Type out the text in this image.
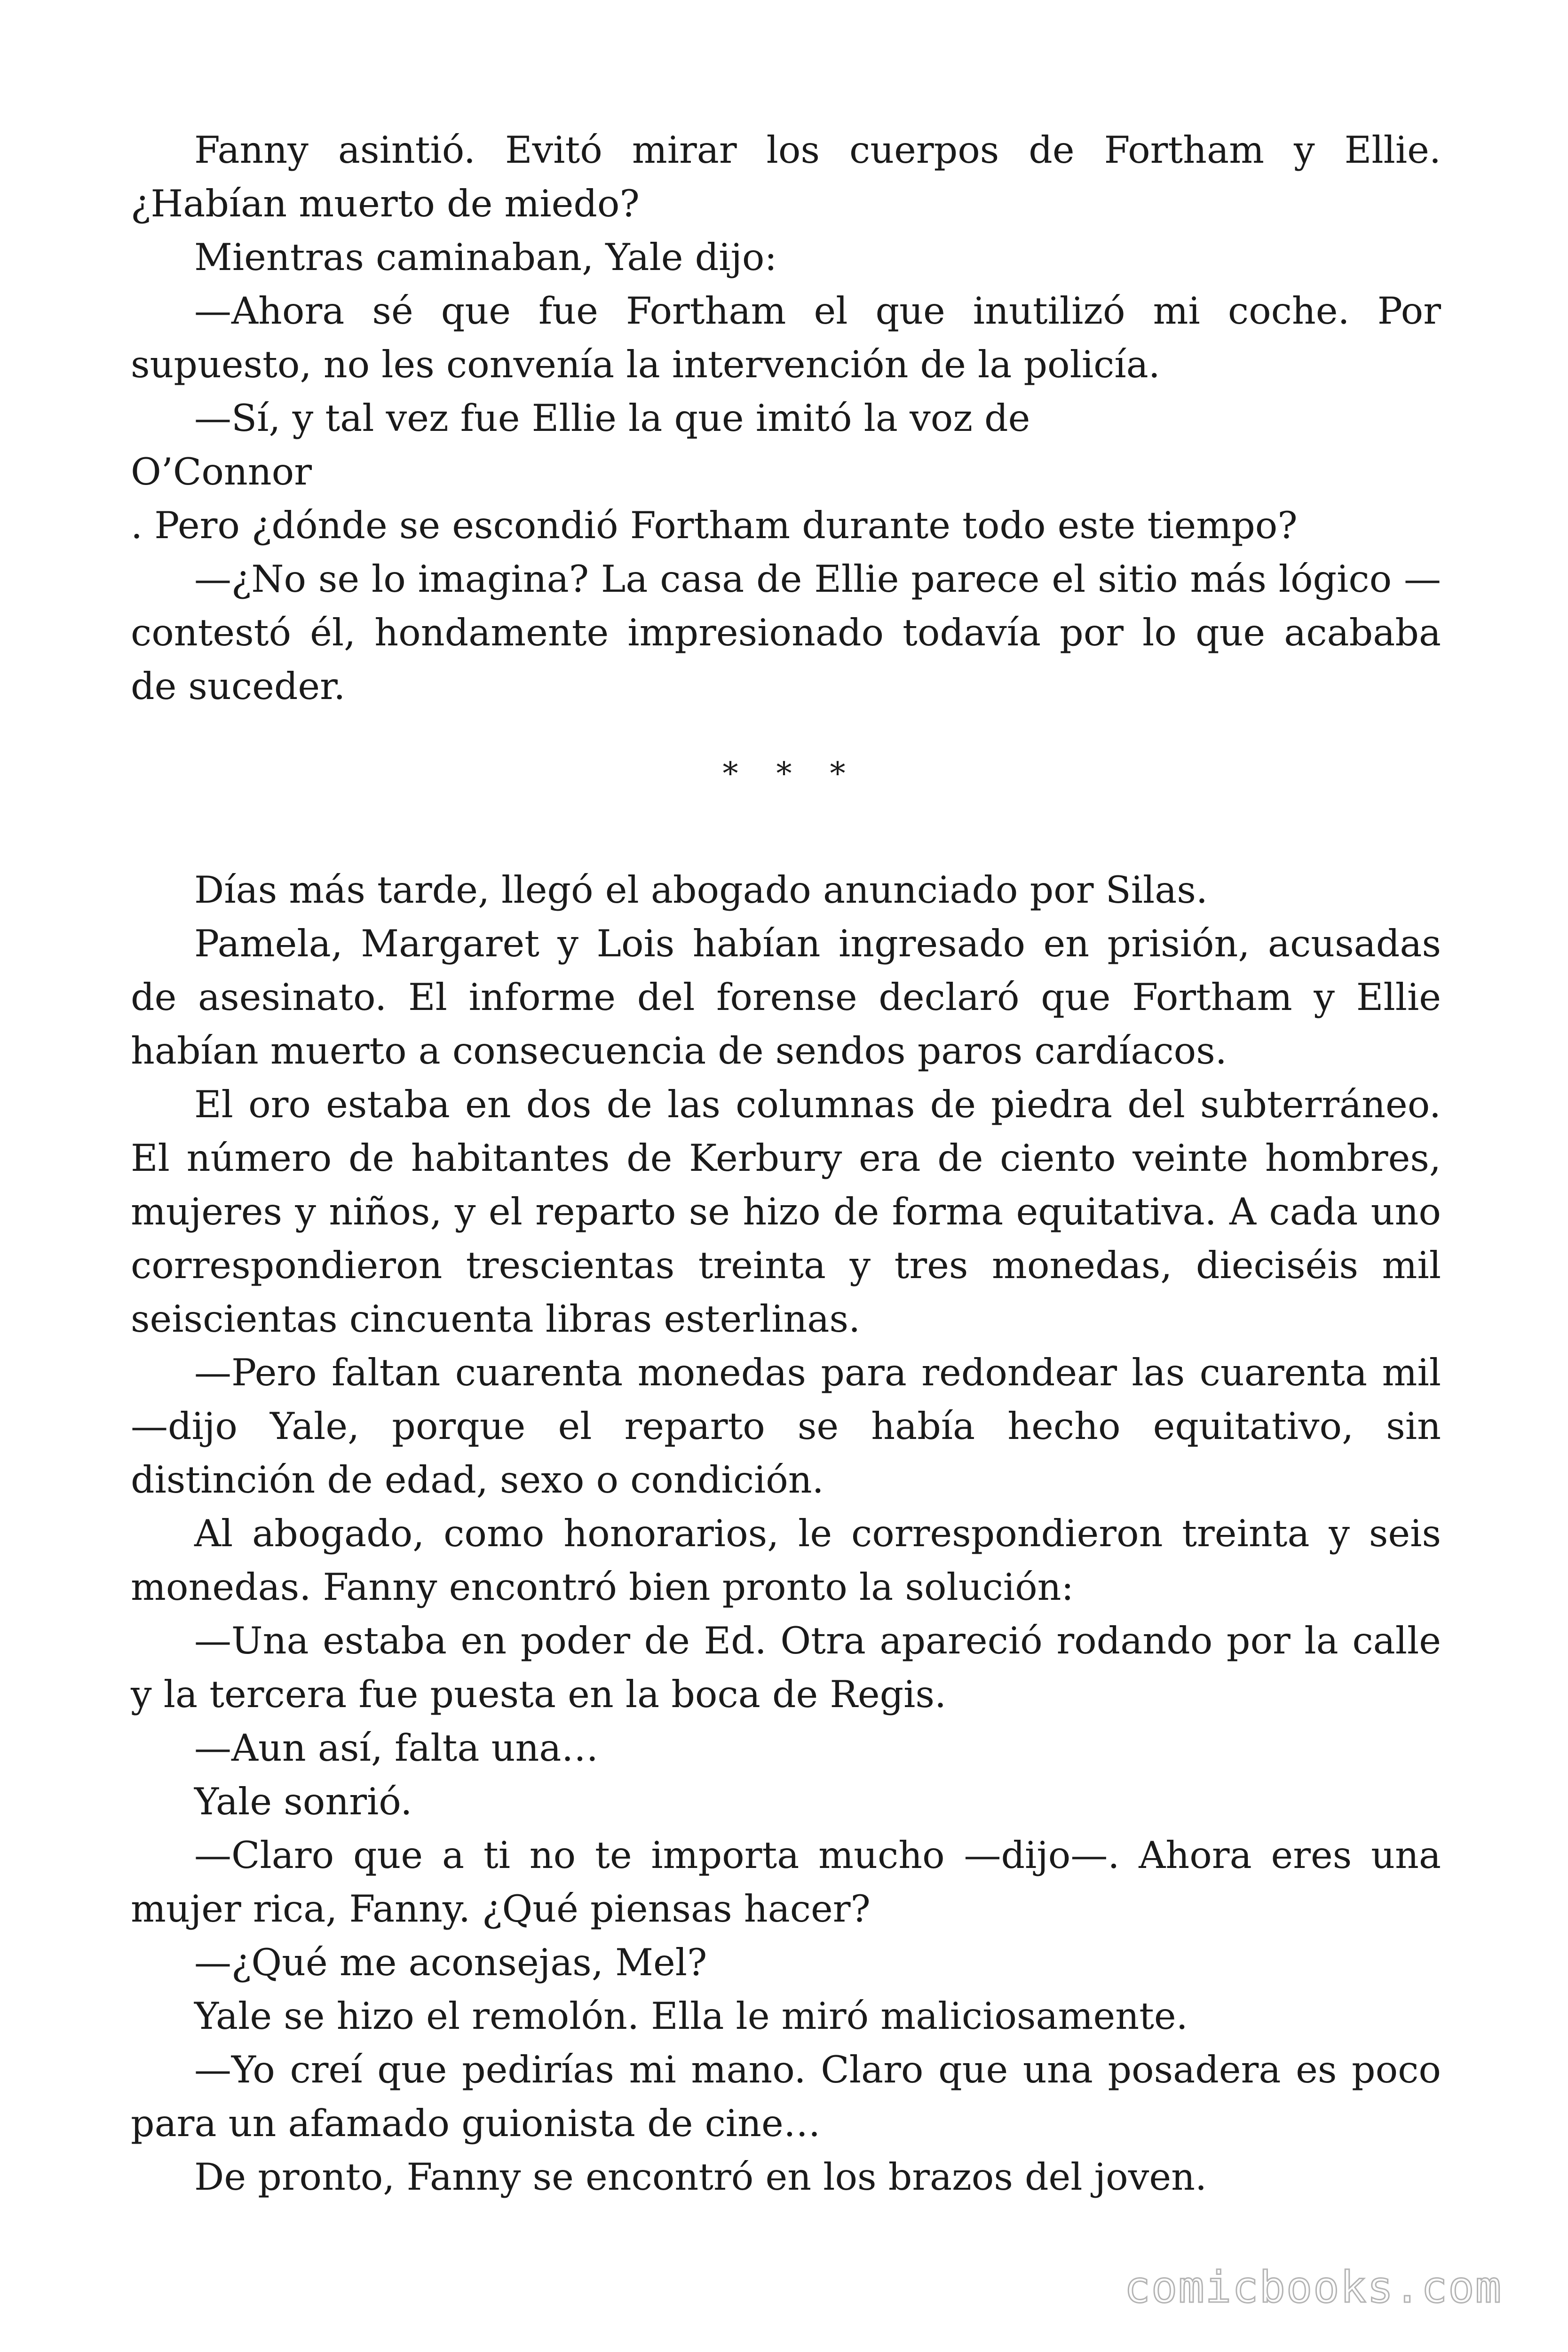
Fanny asintió. Evitó mirar los cuerpos de Fortham y Ellie. ¿Habían muerto de miedo?

Mientras caminaban, Yale dijo:

—Ahora sé que fue Fortham el que inutilizó mi coche. Por supuesto, no les convenía la intervención de la policía.

—Sí, y tal vez fue Ellie la que imitó la voz de

O’Connor

. Pero ¿dónde se escondió Fortham durante todo este tiempo?

—¿No se lo imagina? La casa de Ellie parece el sitio más lógico —contestó él, hondamente impresionado todavía por lo que acababa de suceder.

* * *

Días más tarde, llegó el abogado anunciado por Silas.

Pamela, Margaret y Lois habían ingresado en prisión, acusadas de asesinato. El informe del forense declaró que Fortham y Ellie habían muerto a consecuencia de sendos paros cardíacos.

El oro estaba en dos de las columnas de piedra del subterráneo. El número de habitantes de Kerbury era de ciento veinte hombres, mujeres y niños, y el reparto se hizo de forma equitativa. A cada uno correspondieron trescientas treinta y tres monedas, dieciséis mil seiscientas cincuenta libras esterlinas.

—Pero faltan cuarenta monedas para redondear las cuarenta mil —dijo Yale, porque el reparto se había hecho equitativo, sin distinción de edad, sexo o condición.

Al abogado, como honorarios, le correspondieron treinta y seis monedas. Fanny encontró bien pronto la solución:

—Una estaba en poder de Ed. Otra apareció rodando por la calle y la tercera fue puesta en la boca de Regis.

—Aun así, falta una…

Yale sonrió.

—Claro que a ti no te importa mucho —dijo—. Ahora eres una mujer rica, Fanny. ¿Qué piensas hacer?

—¿Qué me aconsejas, Mel?

Yale se hizo el remolón. Ella le miró maliciosamente.

—Yo creí que pedirías mi mano. Claro que una posadera es poco para un afamado guionista de cine…

De pronto, Fanny se encontró en los brazos del joven.

comicbooks.com
